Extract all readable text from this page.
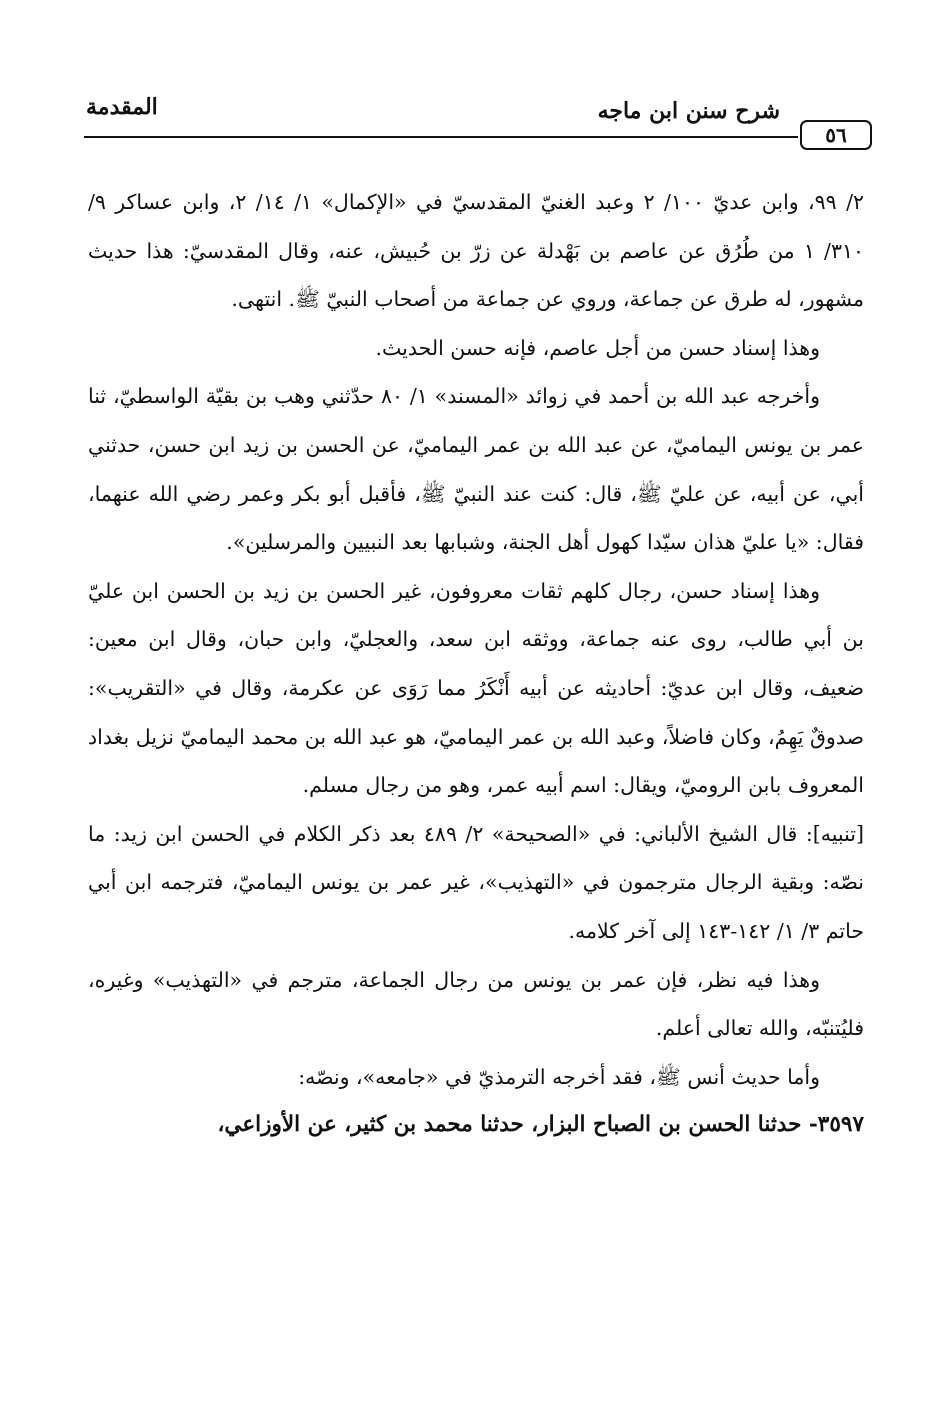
٥٦
شرح سنن ابن ماجه
المقدمة

٢/ ٩٩، وابن عديّ ١٠٠/ ٢ وعبد الغنيّ المقدسيّ في «الإكمال» ١/ ١٤/ ٢، وابن عساكر ٩/ ٣١٠/ ١ من طُرُق عن عاصم بن بَهْدلة عن زرّ بن حُبيش، عنه، وقال المقدسيّ: هذا حديث مشهور، له طرق عن جماعة، وروي عن جماعة من أصحاب النبيّ ﷺ. انتهى.

وهذا إسناد حسن من أجل عاصم، فإنه حسن الحديث.

وأخرجه عبد الله بن أحمد في زوائد «المسند» ١/ ٨٠ حدّثني وهب بن بقيّة الواسطيّ، ثنا عمر بن يونس اليماميّ، عن عبد الله بن عمر اليماميّ، عن الحسن بن زيد ابن حسن، حدثني أبي، عن أبيه، عن عليّ ﷺ، قال: كنت عند النبيّ ﷺ، فأقبل أبو بكر وعمر رضي الله عنهما، فقال: «يا عليّ هذان سيّدا كهول أهل الجنة، وشبابها بعد النبيين والمرسلين».

وهذا إسناد حسن، رجال كلهم ثقات معروفون، غير الحسن بن زيد بن الحسن ابن عليّ بن أبي طالب، روى عنه جماعة، ووثقه ابن سعد، والعجليّ، وابن حبان، وقال ابن معين: ضعيف، وقال ابن عديّ: أحاديثه عن أبيه أَنْكَرُ مما رَوَى عن عكرمة، وقال في «التقريب»: صدوقٌ يَهِمُ، وكان فاضلاً، وعبد الله بن عمر اليماميّ، هو عبد الله بن محمد اليماميّ نزيل بغداد المعروف بابن الروميّ، ويقال: اسم أبيه عمر، وهو من رجال مسلم.

[تنبيه]: قال الشيخ الألباني: في «الصحيحة» ٢/ ٤٨٩ بعد ذكر الكلام في الحسن ابن زيد: ما نصّه: وبقية الرجال مترجمون في «التهذيب»، غير عمر بن يونس اليماميّ، فترجمه ابن أبي حاتم ٣/ ١/ ١٤٢-١٤٣ إلى آخر كلامه.

وهذا فيه نظر، فإن عمر بن يونس من رجال الجماعة، مترجم في «التهذيب» وغيره، فليُتنبّه، والله تعالى أعلم.

وأما حديث أنس ﷺ، فقد أخرجه الترمذيّ في «جامعه»، ونصّه:

٣٥٩٧- حدثنا الحسن بن الصباح البزار، حدثنا محمد بن كثير، عن الأوزاعي،
